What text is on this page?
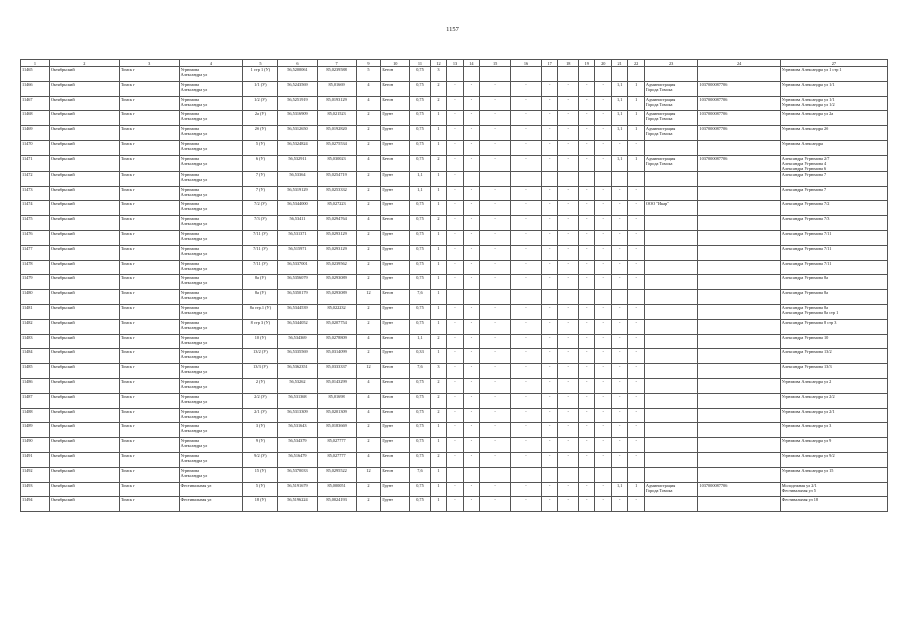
1157
1	2	3	4	5	6	7	9	10	11	12	13	14	15	16	17	18	19	20	21	22	23	24	27
11465	Октябрьский	Томск г	Угрюмова
Александра ул	1 стр 1 (У)	56,5200061	85,0239588	5	Бетон	0,75	3													Угрюмова Александра ул 1 стр 1
11466	Октябрьский	Томск г	Угрюмова
Александра ул	1/1 (У)	56,5243569	85,01669	4	Бетон	0,75	2	-	-	-	-	-	-	-	-	1,1	1	Администрация
Города Томска	1037000087706	Угрюмова Александра ул 1/1
11467	Октябрьский	Томск г	Угрюмова
Александра ул	1/2 (У)	56,5251919	85,0193129	4	Бетон	0,75	2	-	-	-	-	-	-	-	-	1,1	1	Администрация
Города Томска	1037000087706	Угрюмова Александра ул 1/1
Угрюмова Александра ул 1/2
11468	Октябрьский	Томск г	Угрюмова
Александра ул	2а (У)	56,5316909	85,021523	2	Грунт	0,75	1	-	-	-	-	-	-	-	-	1,1	1	Администрация
Города Томска	1037000087706	Угрюмова Александра ул 2а
11469	Октябрьский	Томск г	Угрюмова
Александра ул	2б (У)	56,5312650	85,0192820	2	Грунт	0,75	1	-	-	-	-	-	-	-	-	1,1	1	Администрация
Города Томска	1037000087706	Угрюмова Александра 2б
11470	Октябрьский	Томск г	Угрюмова
Александра ул	5 (У)	56,5324824	85,0275534	2	Грунт	0,75	1	-	-	-	-	-	-	-	-	-	-			Угрюмова Александра
11471	Октябрьский	Томск г	Угрюмова
Александра ул	6 (У)	56,532911	85,030023	4	Бетон	0,75	2	-	-	-	-	-	-	-	-	1,1	1	Администрация
Города Томска	1037000087706	Александра Угрюмова 2/7
Александра Угрюмова 4
Александра Угрюмова 6
11472	Октябрьский	Томск г	Угрюмова
Александра ул	7 (У)	56,53364	85,0254719	2	Грунт	1,1	1	-												Александра Угрюмова 7
11473	Октябрьский	Томск г	Угрюмова
Александра ул	7 (У)	56,5319129	85,0253332	2	Грунт	1,1	1	-	-	-	-	-	-	-	-	-	-			Александра Угрюмова 7
11474	Октябрьский	Томск г	Угрюмова
Александра ул	7/2 (У)	56,5344000	85,027223	2	Грунт	0,75	1	-	-	-	-	-	-	-	-	-	-	ООО "Икар"		Александра Угрюмова 7/2
11475	Октябрьский	Томск г	Угрюмова
Александра ул	7/3 (У)	56,53411	85,0294764	4	Бетон	0,75	2	-	-	-	-	-	-	-	-	-	-			Александра Угрюмова 7/3
11476	Октябрьский	Томск г	Угрюмова
Александра ул	7/11 (У)	56,531371	85,0293129	2	Грунт	0,75	1	-	-	-	-	-	-	-	-	-	-			Александра Угрюмова 7/11
11477	Октябрьский	Томск г	Угрюмова
Александра ул	7/11 (У)	56,515971	85,0293129	2	Грунт	0,75	1	-	-	-	-	-	-	-	-	-	-			Александра Угрюмова 7/11
11478	Октябрьский	Томск г	Угрюмова
Александра ул	7/11 (У)	56,5337001	85,0239562	2	Грунт	0,75	1	-	-	-	-	-	-	-	-	-	-			Александра Угрюмова 7/11
11479	Октябрьский	Томск г	Угрюмова
Александра ул	8а (У)	56,5356079	85,0293089	2	Грунт	0,75	1	-	-	-	-	-	-	-	-	-	-			Александра Угрюмова 8а
11480	Октябрьский	Томск г	Угрюмова
Александра ул	8а (У)	56,5350179	85,0293089	12	Бетон	7,6	1													Александра Угрюмова 8а
11481	Октябрьский	Томск г	Угрюмова
Александра ул	8а стр.1 (У)	56,5344539	85,022232	2	Грунт	0,75	1	-	-	-	-	-	-	-	-	-	-			Александра Угрюмова 8а
Александра Угрюмова 8а стр 1
11482	Октябрьский	Томск г	Угрюмова
Александра ул	8 стр 3 (У)	56,5344052	85,0207754	2	Грунт	0,75	1	-	-	-	-	-	-	-	-	-	-			Александра Угрюмова 8 стр 3
11483	Октябрьский	Томск г	Угрюмова
Александра ул	10 (У)	56,534369	85,0278809	4	Бетон	1,1	2	-	-	-	-	-	-	-	-	-	-			Александра Угрюмова 10
11484	Октябрьский	Томск г	Угрюмова
Александра ул	13/2 (У)	56,5335569	85,0314099	2	Грунт	0,33	1	-	-	-	-	-	-	-	-	-	-			Александра Угрюмова 13/2
11485	Октябрьский	Томск г	Угрюмова
Александра ул	13/3 (У)	56,5362351	85,0333337	12	Бетон	7,6	3	-	-	-	-	-	-	-	-	-	-			Александра Угрюмова 13/3
11486	Октябрьский	Томск г	Угрюмова
Александра ул	2 (У)	56,53262	85,0143299	4	Бетон	0,75	2	-	-	-	-	-	-	-	-	-	-			Угрюмова Александра ул 2
11487	Октябрьский	Томск г	Угрюмова
Александра ул	2/2 (У)	56,531368	85,01698	4	Бетон	0,75	2	-	-	-	-	-	-	-	-	-	-			Угрюмова Александра ул 2/2
11488	Октябрьский	Томск г	Угрюмова
Александра ул	2/1 (У)	56,5313309	85,0201309	4	Бетон	0,75	2	-	-	-	-	-	-	-	-	-	-			Угрюмова Александра ул 2/1
11489	Октябрьский	Томск г	Угрюмова
Александра ул	3 (У)	56,531643	85,0183669	2	Грунт	0,75	1	-	-	-	-	-	-	-	-	-	-			Угрюмова Александра ул 3
11490	Октябрьский	Томск г	Угрюмова
Александра ул	9 (У)	56,534379	85,027777	2	Грунт	0,75	1	-	-	-	-	-	-	-	-	-	-			Угрюмова Александра ул 9
11491	Октябрьский	Томск г	Угрюмова
Александра ул	9/2 (У)	56,516479	85,027777	4	Бетон	0,75	2	-	-	-	-	-	-	-	-	-	-			Угрюмова Александра ул 9/2
11492	Октябрьский	Томск г	Угрюмова
Александра ул	15 (У)	56,5370033	85,0295522	12	Бетон	7,6	1													Угрюмова Александра ул 15
11493	Октябрьский	Томск г	Фестивальная ул	5 (У)	56,5191679	85,000051	2	Грунт	0,75	1	-	-	-	-	-	-	-	-	1,1	1	Администрация
Города Томска	1037000087706	Молодежная ул 2/1
Фестивальная ул 5
11494	Октябрьский	Томск г	Фестивальная ул	18 (У)	56,5196224	85,0024193	2	Грунт	0,75	1	-	-	-	-	-	-	-	-	-	-			Фестивальная ул 18
